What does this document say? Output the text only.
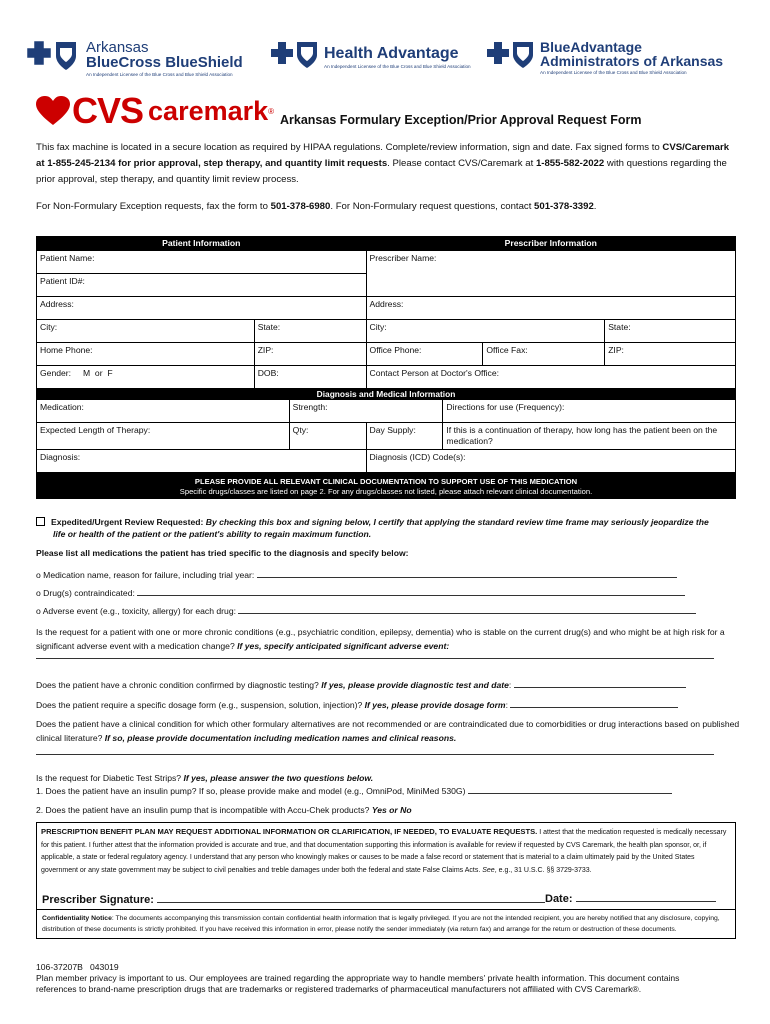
Arkansas
BlueCross BlueShield
An Independent Licensee of the Blue Cross and Blue Shield Association
Health Advantage
An Independent Licensee of the Blue Cross and Blue Shield Association
BlueAdvantage
Administrators of Arkansas
An Independent Licensee of the Blue Cross and Blue Shield Association
CVS caremark ®
Arkansas Formulary Exception/Prior Approval Request Form
This fax machine is located in a secure location as required by HIPAA regulations. Complete/review information, sign and date. Fax signed forms to CVS/Caremark at 1-855-245-2134 for prior approval, step therapy, and quantity limit requests. Please contact CVS/Caremark at 1-855-582-2022 with questions regarding the prior approval, step therapy, and quantity limit review process.
For Non-Formulary Exception requests, fax the form to 501-378-6980. For Non-Formulary request questions, contact 501-378-3392.
Patient Information	Prescriber Information
Patient Name:	Prescriber Name:
Patient ID#:
Address:	Address:
City:	State:	City:	State:
Home Phone:	ZIP:	Office Phone:	Office Fax:	ZIP:
Gender:     M  or  F	DOB:	Contact Person at Doctor's Office:
Diagnosis and Medical Information
Medication:	Strength:	Directions for use (Frequency):
Expected Length of Therapy:	Qty:	Day Supply:	If this is a continuation of therapy, how long has the patient been on the medication?
Diagnosis:	Diagnosis (ICD) Code(s):
PLEASE PROVIDE ALL RELEVANT CLINICAL DOCUMENTATION TO SUPPORT USE OF THIS MEDICATION
Specific drugs/classes are listed on page 2. For any drugs/classes not listed, please attach relevant clinical documentation.
Expedited/Urgent Review Requested: By checking this box and signing below, I certify that applying the standard review time frame may seriously jeopardize the
life or health of the patient or the patient's ability to regain maximum function.
Please list all medications the patient has tried specific to the diagnosis and specify below:
o Medication name, reason for failure, including trial year:
o Drug(s) contraindicated:
o Adverse event (e.g., toxicity, allergy) for each drug:
Is the request for a patient with one or more chronic conditions (e.g., psychiatric condition, epilepsy, dementia) who is stable on the current drug(s) and who might be at high risk for a significant adverse event with a medication change? If yes, specify anticipated significant adverse event:
Does the patient have a chronic condition confirmed by diagnostic testing? If yes, please provide diagnostic test and date:
Does the patient require a specific dosage form (e.g., suspension, solution, injection)? If yes, please provide dosage form:
Does the patient have a clinical condition for which other formulary alternatives are not recommended or are contraindicated due to comorbidities or drug interactions based on published clinical literature? If so, please provide documentation including medication names and clinical reasons.
Is the request for Diabetic Test Strips? If yes, please answer the two questions below.
1. Does the patient have an insulin pump? If so, please provide make and model (e.g., OmniPod, MiniMed 530G)
2. Does the patient have an insulin pump that is incompatible with Accu-Chek products? Yes or No
PRESCRIPTION BENEFIT PLAN MAY REQUEST ADDITIONAL INFORMATION OR CLARIFICATION, IF NEEDED, TO EVALUATE REQUESTS. I attest that the medication requested is medically necessary for this patient. I further attest that the information provided is accurate and true, and that documentation supporting this information is available for review if requested by CVS Caremark, the health plan sponsor, or, if applicable, a state or federal regulatory agency. I understand that any person who knowingly makes or causes to be made a false record or statement that is material to a claim ultimately paid by the United States government or any state government may be subject to civil penalties and treble damages under both the federal and state False Claims Acts. See, e.g., 31 U.S.C. §§ 3729-3733.
Prescriber Signature:	Date:
Confidentiality Notice: The documents accompanying this transmission contain confidential health information that is legally privileged. If you are not the intended recipient, you are hereby notified that any disclosure, copying, distribution of these documents is strictly prohibited. If you have received this information in error, please notify the sender immediately (via return fax) and arrange for the return or destruction of these documents.
106-37207B   043019
Plan member privacy is important to us. Our employees are trained regarding the appropriate way to handle members' private health information. This document contains
references to brand-name prescription drugs that are trademarks or registered trademarks of pharmaceutical manufacturers not affiliated with CVS Caremark®.
